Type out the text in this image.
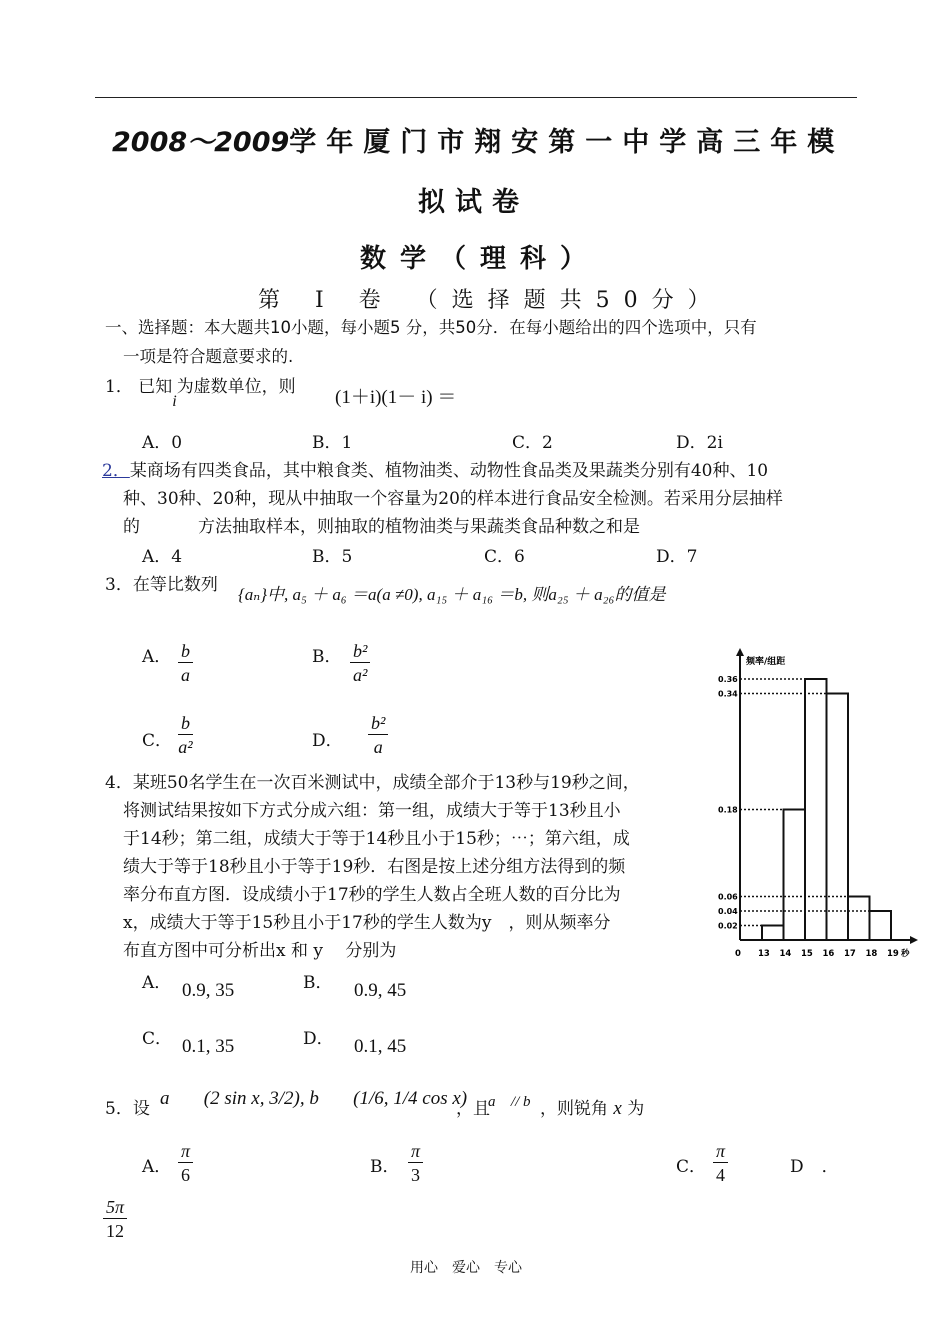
2008～2009学年厦门市翔安第一中学高三年模
拟试卷
数学（理科）
第 Ⅰ 卷 （选择题共50分）
一、选择题：本大题共10小题，每小题5 分，共50分．在每小题给出的四个选项中，只有
一项是符合题意要求的.
1． 已知i为虚数单位，则 (1＋i)(1－ i) ＝
A．0	B．1	C．2	D．2i
2．某商场有四类食品，其中粮食类、植物油类、动物性食品类及果蔬类分别有40种、10
种、30种、20种，现从中抽取一个容量为20的样本进行食品安全检测。若采用分层抽样
的	方法抽取样本，则抽取的植物油类与果蔬类食品种数之和是
A．4	B．5	C．6	D．7
3．在等比数列 {aₙ}中, a₅ ＋ a₆ ＝a(a ≠0), a₁₅ ＋ a₁₆ ＝b, 则a₂₅ ＋ a₂₆的值是
A． $\frac{b}{a}$	B． $\frac{\text{b²}}{\text{a²}}$
C． $\frac{b}{\text{a²}}$	D． $\frac{\text{b²}}{a}$
4．某班50名学生在一次百米测试中，成绩全部介于13秒与19秒之间，
将测试结果按如下方式分成六组：第一组，成绩大于等于13秒且小
于14秒；第二组，成绩大于等于14秒且小于15秒；⋯；第六组，成
绩大于等于18秒且小于等于19秒．右图是按上述分组方法得到的频
率分布直方图．设成绩小于17秒的学生人数占全班人数的百分比为
x，成绩大于等于15秒且小于17秒的学生人数为y　，则从频率分
布直方图中可分析出x 和 y　 分别为
A． 0.9, 35	B． 0.9, 45
C． 0.1, 35	D． 0.1, 45
频率/组距
0.36
0.34
0.18
0.06
0.04
0.02
0 13 14 15 16 17 18 19 秒
5．设 a⃗ ＝(2 sin x, 3/2), b⃗ ＝(1/6, 1/4 cos x)
，且
a⃗ // b⃗
，则锐角 x 为
A． $\frac{\pi}{6}$	B． $\frac{\pi}{3}$	C． $\frac{\pi}{4}$	D．
$\frac{5\pi}{12}$
用心　爱心　专心
